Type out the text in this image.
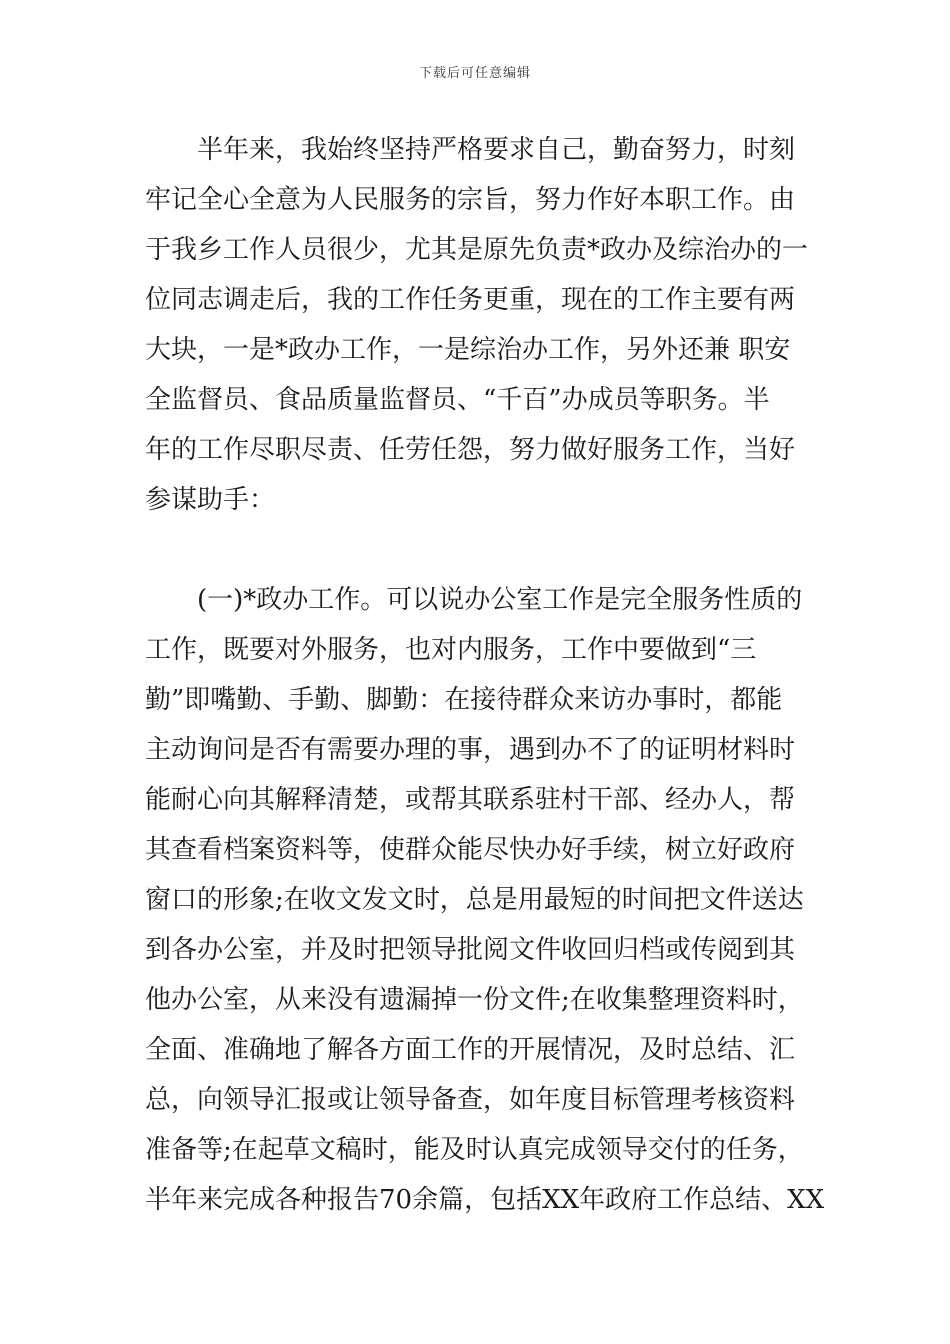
下载后可任意编辑
　　半年来，我始终坚持严格要求自己，勤奋努力，时刻
牢记全心全意为人民服务的宗旨，努力作好本职工作。由
于我乡工作人员很少，尤其是原先负责*政办及综治办的一
位同志调走后，我的工作任务更重，现在的工作主要有两
大块，一是*政办工作，一是综治办工作，另外还兼 职安
全监督员、食品质量监督员、“千百”办成员等职务。半
年的工作尽职尽责、任劳任怨，努力做好服务工作，当好
参谋助手：
　　(一)*政办工作。可以说办公室工作是完全服务性质的
工作，既要对外服务，也对内服务，工作中要做到“三
勤”即嘴勤、手勤、脚勤：在接待群众来访办事时，都能
主动询问是否有需要办理的事，遇到办不了的证明材料时
能耐心向其解释清楚，或帮其联系驻村干部、经办人，帮
其查看档案资料等，使群众能尽快办好手续，树立好政府
窗口的形象;在收文发文时，总是用最短的时间把文件送达
到各办公室，并及时把领导批阅文件收回归档或传阅到其
他办公室，从来没有遗漏掉一份文件;在收集整理资料时，
全面、准确地了解各方面工作的开展情况，及时总结、汇
总，向领导汇报或让领导备查，如年度目标管理考核资料
准备等;在起草文稿时，能及时认真完成领导交付的任务，
半年来完成各种报告70余篇，包括XX年政府工作总结、XX
